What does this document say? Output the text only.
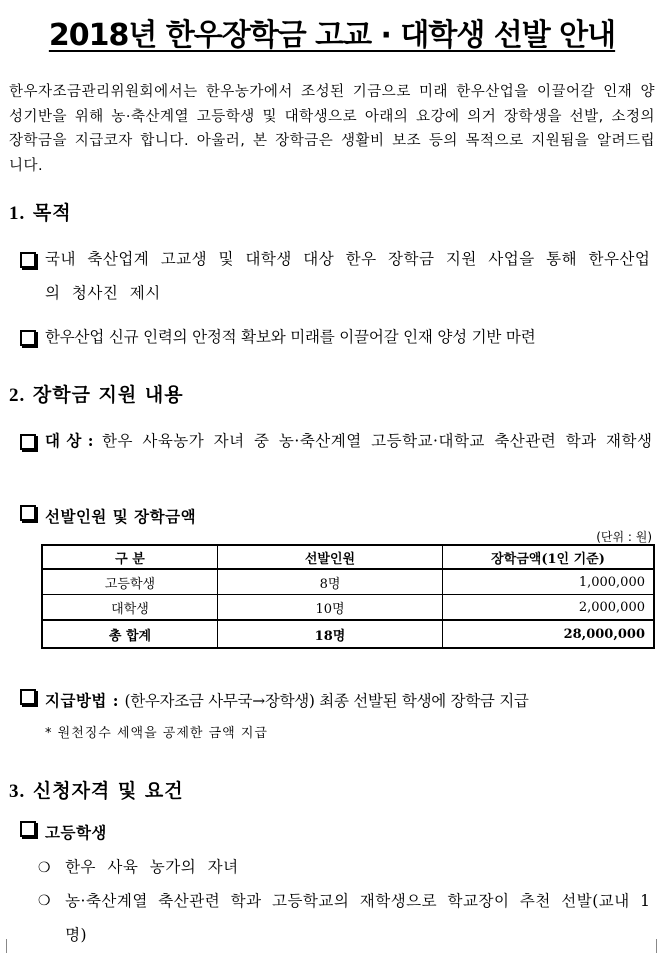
2018년 한우장학금 고교 · 대학생 선발 안내
한우자조금관리위원회에서는 한우농가에서 조성된 기금으로 미래 한우산업을 이끌어갈 인재 양성기반을 위해 농·축산계열 고등학생 및 대학생으로 아래의 요강에 의거 장학생을 선발, 소정의 장학금을 지급코자 합니다. 아울러, 본 장학금은 생활비 보조 등의 목적으로 지원됨을 알려드립니다.
1. 목적
국내 축산업계 고교생 및 대학생 대상 한우 장학금 지원 사업을 통해 한우산업의 청사진 제시
한우산업 신규 인력의 안정적 확보와 미래를 이끌어갈 인재 양성 기반 마련
2. 장학금 지원 내용
대 상 : 한우 사육농가 자녀 중 농·축산계열 고등학교·대학교 축산관련 학과 재학생
선발인원 및 장학금액
(단위 : 원)
구 분	선발인원	장학금액(1인 기준)
고등학생	8명	1,000,000
대학생	10명	2,000,000
총 합계	18명	28,000,000
지급방법 : (한우자조금 사무국→장학생) 최종 선발된 학생에 장학금 지급
* 원천징수 세액을 공제한 금액 지급
3. 신청자격 및 요건
고등학생
❍ 한우 사육 농가의 자녀
❍ 농·축산계열 축산관련 학과 고등학교의 재학생으로 학교장이 추천 선발(교내 1명)
